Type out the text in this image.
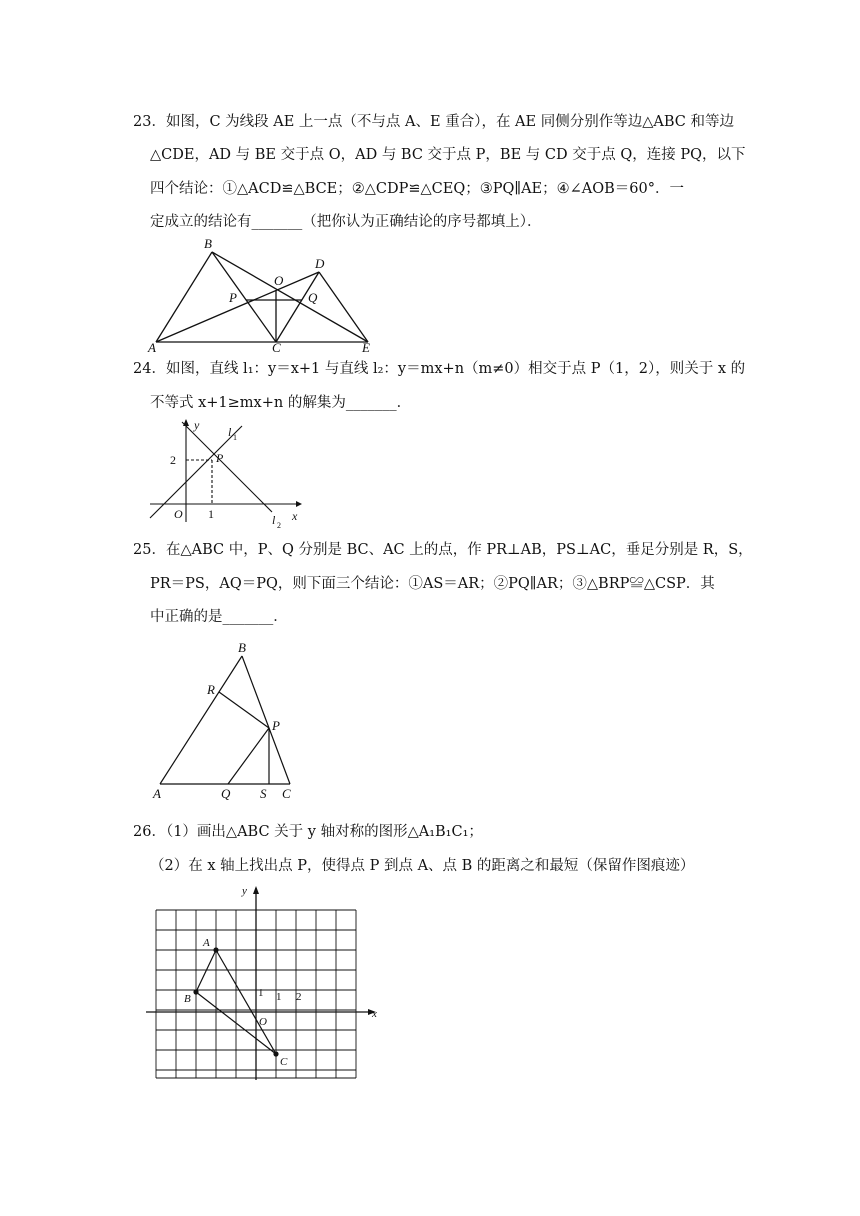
23．如图，C 为线段 AE 上一点（不与点 A、E 重合），在 AE 同侧分别作等边△ABC 和等边
△CDE，AD 与 BE 交于点 O，AD 与 BC 交于点 P，BE 与 CD 交于点 Q，连接 PQ，以下
四个结论：①△ACD≌△BCE；②△CDP≌△CEQ；③PQ∥AE；④∠AOB＝60°．一
定成立的结论有_______（把你认为正确结论的序号都填上）．
B
D
O
P	Q
A	C	E
24．如图，直线 l₁：y＝x+1 与直线 l₂：y＝mx+n（m≠0）相交于点 P（1，2），则关于 x 的
不等式 x+1≥mx+n 的解集为_______．
y l 1
2	P
O 1	l 2
x
25．在△ABC 中，P、Q 分别是 BC、AC 上的点，作 PR⊥AB，PS⊥AC，垂足分别是 R，S，
PR＝PS，AQ＝PQ，则下面三个结论：①AS＝AR；②PQ∥AR；③△BRP≌△CSP．其
中正确的是_______．
B
R
P
A	Q S C
26．（1）画出△ABC 关于 y 轴对称的图形△A₁B₁C₁；
（2）在 x 轴上找出点 P，使得点 P 到点 A、点 B 的距离之和最短（保留作图痕迹）
y
A
B	1 1 2
O
C
x
